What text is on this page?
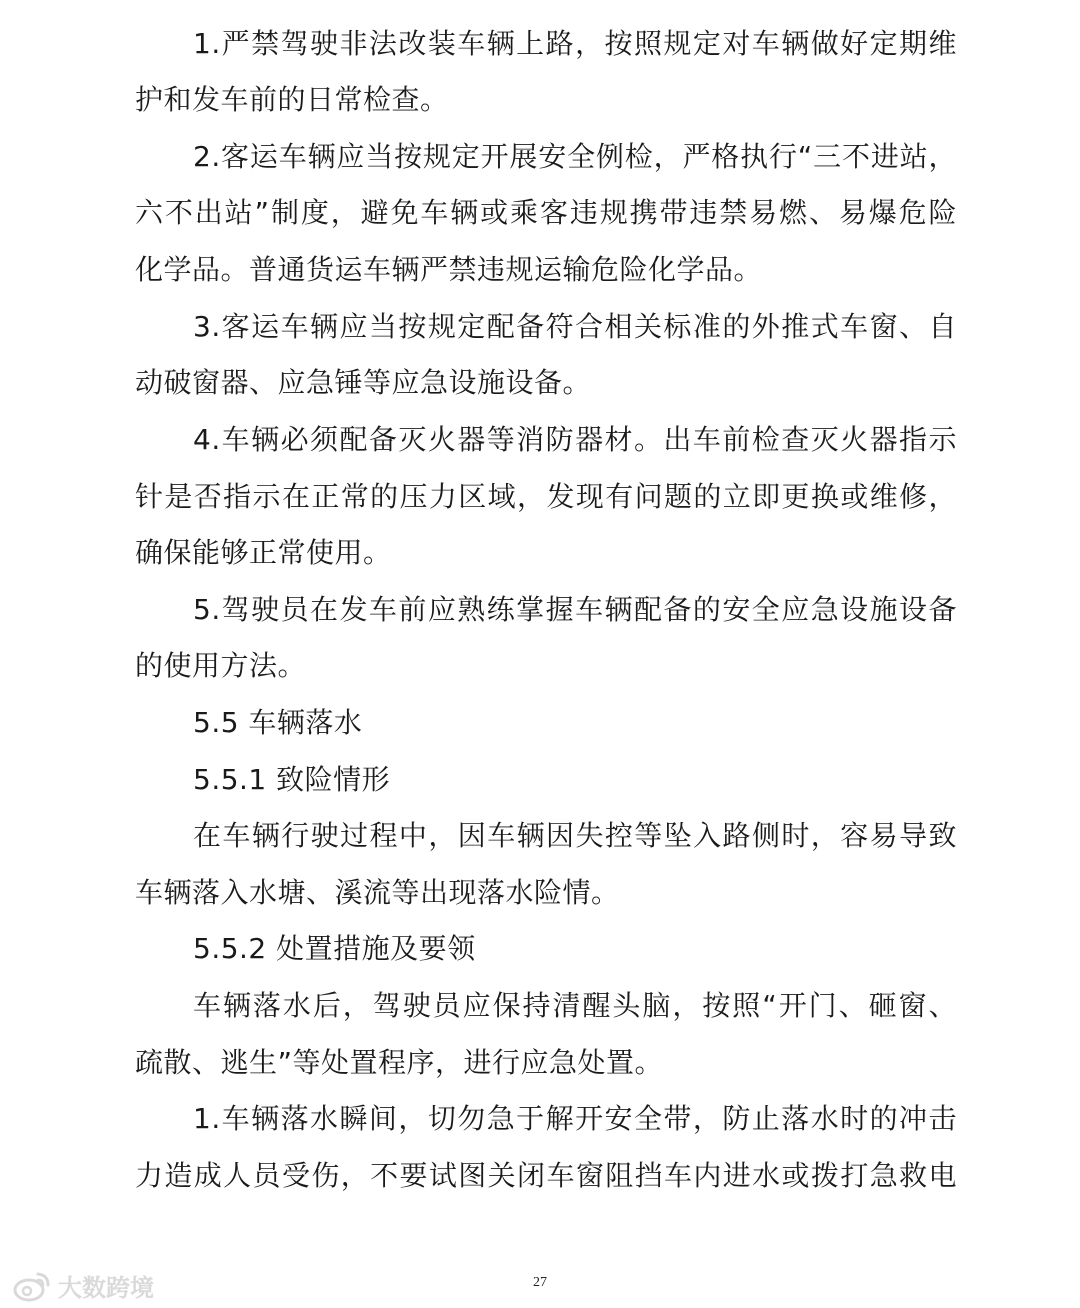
1.严禁驾驶非法改装车辆上路，按照规定对车辆做好定期维
护和发车前的日常检查。
2.客运车辆应当按规定开展安全例检，严格执行“三不进站，
六不出站”制度，避免车辆或乘客违规携带违禁易燃、易爆危险
化学品。普通货运车辆严禁违规运输危险化学品。
3.客运车辆应当按规定配备符合相关标准的外推式车窗、自
动破窗器、应急锤等应急设施设备。
4.车辆必须配备灭火器等消防器材。出车前检查灭火器指示
针是否指示在正常的压力区域，发现有问题的立即更换或维修，
确保能够正常使用。
5.驾驶员在发车前应熟练掌握车辆配备的安全应急设施设备
的使用方法。
5.5 车辆落水
5.5.1 致险情形
在车辆行驶过程中，因车辆因失控等坠入路侧时，容易导致
车辆落入水塘、溪流等出现落水险情。
5.5.2 处置措施及要领
车辆落水后，驾驶员应保持清醒头脑，按照“开门、砸窗、
疏散、逃生”等处置程序，进行应急处置。
1.车辆落水瞬间，切勿急于解开安全带，防止落水时的冲击
力造成人员受伤，不要试图关闭车窗阻挡车内进水或拨打急救电
大数跨境	27
